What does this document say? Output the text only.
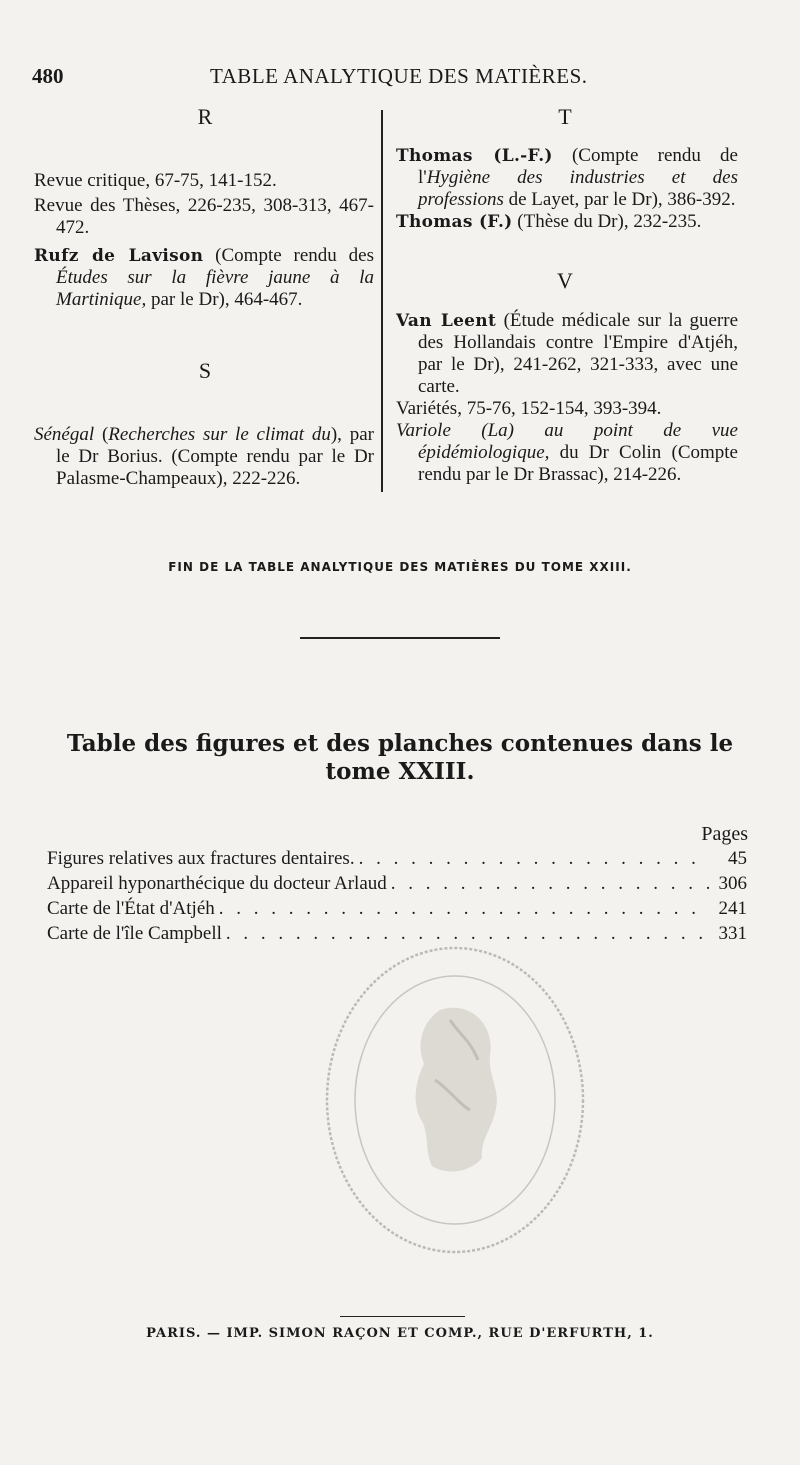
480	TABLE ANALYTIQUE DES MATIÈRES.
R

Revue critique, 67-75, 141-152.

Revue des Thèses, 226-235, 308-313, 467-472.

Rufz de Lavison (Compte rendu des Études sur la fièvre jaune à la Martinique, par le Dr), 464-467.

S

Sénégal (Recherches sur le climat du), par le Dr Borius. (Compte rendu par le Dr Palasme-Champeaux), 222-226.

T

Thomas (L.-F.) (Compte rendu de l'Hygiène des industries et des professions de Layet, par le Dr), 386-392.

Thomas (F.) (Thèse du Dr), 232-235.

V

Van Leent (Étude médicale sur la guerre des Hollandais contre l'Empire d'Atjéh, par le Dr), 241-262, 321-333, avec une carte.

Variétés, 75-76, 152-154, 393-394.

Variole (La) au point de vue épidémiologique, du Dr Colin (Compte rendu par le Dr Brassac), 214-226.

FIN DE LA TABLE ANALYTIQUE DES MATIÈRES DU TOME XXIII.
Table des figures et des planches contenues dans le tome XXIII.
Pages
Figures relatives aux fractures dentaires. . . .	45
Appareil hyponarthécique du docteur Arlaud . . .	306
Carte de l'État d'Atjéh . . .	241
Carte de l'île Campbell . . .	331
PARIS. — IMP. SIMON RAÇON ET COMP., RUE D'ERFURTH, 1.
